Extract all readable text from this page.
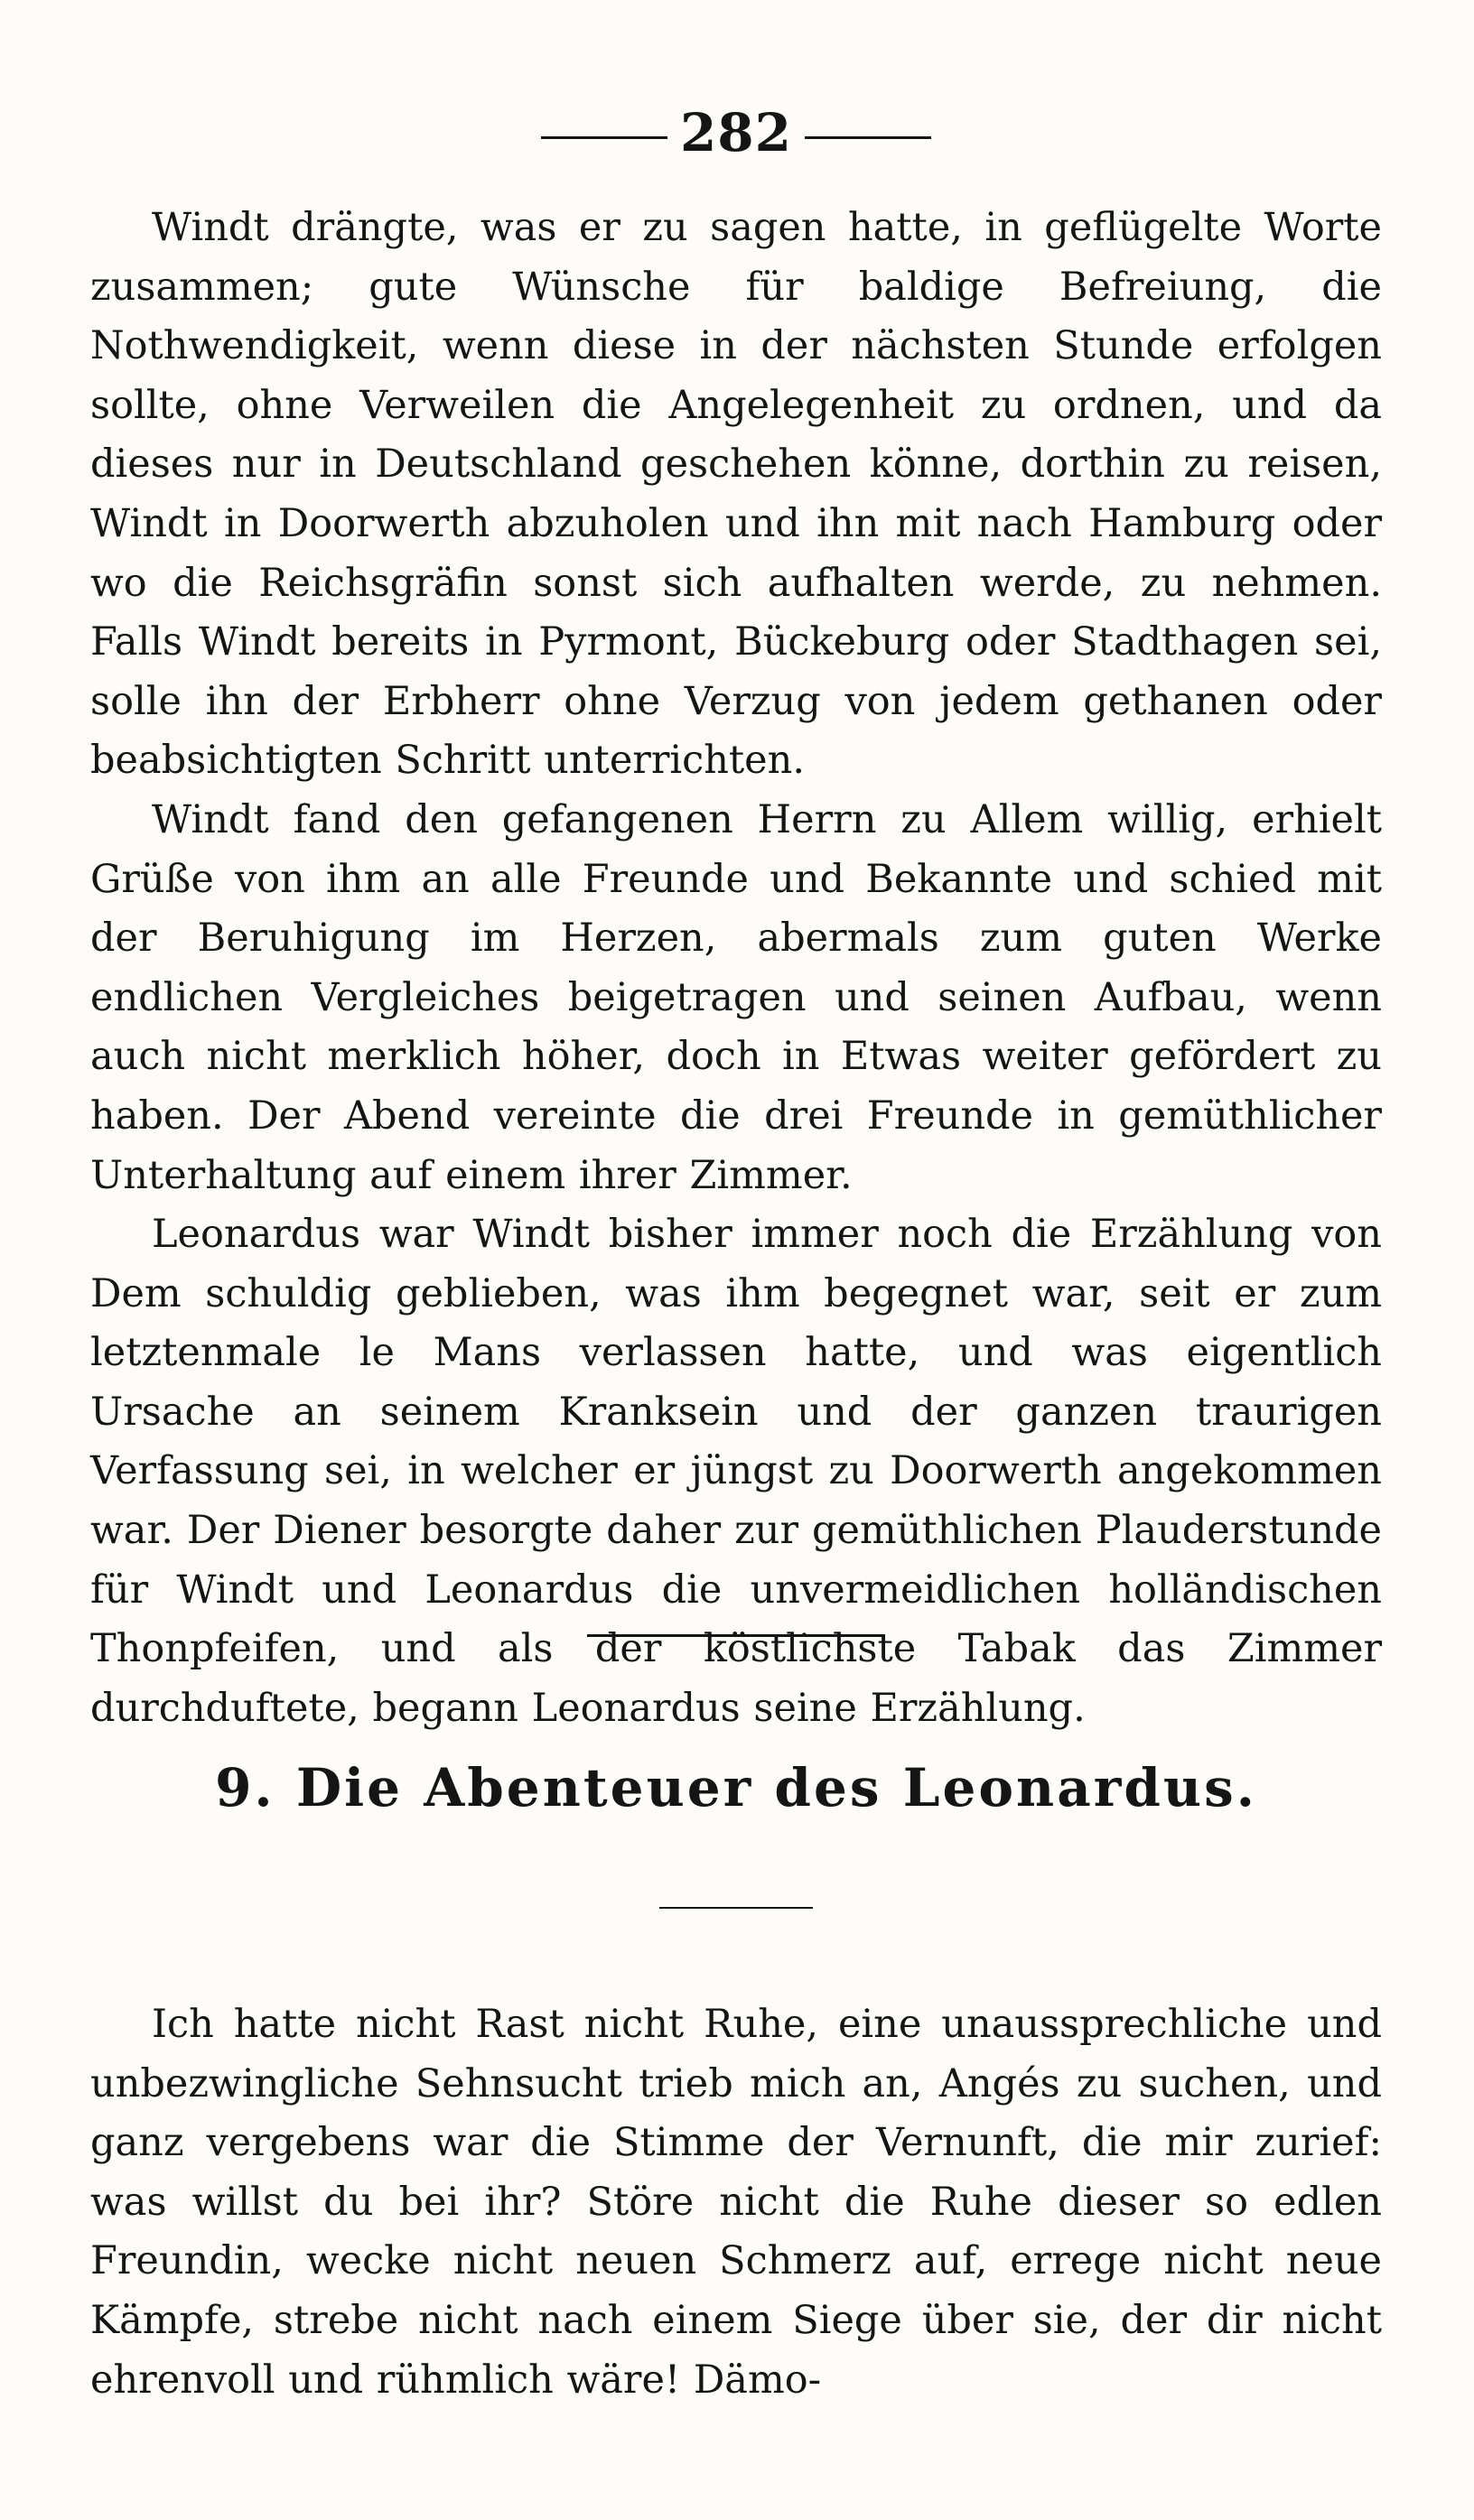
282

Windt drängte, was er zu sagen hatte, in geflügelte Worte zusammen; gute Wünsche für baldige Befreiung, die Nothwendigkeit, wenn diese in der nächsten Stunde erfolgen sollte, ohne Verweilen die Angelegenheit zu ordnen, und da dieses nur in Deutschland geschehen könne, dorthin zu reisen, Windt in Doorwerth abzuholen und ihn mit nach Hamburg oder wo die Reichsgräfin sonst sich aufhalten werde, zu nehmen. Falls Windt bereits in Pyrmont, Bückeburg oder Stadthagen sei, solle ihn der Erbherr ohne Verzug von jedem gethanen oder beabsichtigten Schritt unterrichten.

Windt fand den gefangenen Herrn zu Allem willig, erhielt Grüße von ihm an alle Freunde und Bekannte und schied mit der Beruhigung im Herzen, abermals zum guten Werke endlichen Vergleiches beigetragen und seinen Aufbau, wenn auch nicht merklich höher, doch in Etwas weiter gefördert zu haben. Der Abend vereinte die drei Freunde in gemüthlicher Unterhaltung auf einem ihrer Zimmer.

Leonardus war Windt bisher immer noch die Erzählung von Dem schuldig geblieben, was ihm begegnet war, seit er zum letztenmale le Mans verlassen hatte, und was eigentlich Ursache an seinem Kranksein und der ganzen traurigen Verfassung sei, in welcher er jüngst zu Doorwerth angekommen war. Der Diener besorgte daher zur gemüthlichen Plauderstunde für Windt und Leonardus die unvermeidlichen holländischen Thonpfeifen, und als der köstlichste Tabak das Zimmer durchduftete, begann Leonardus seine Erzählung.

9. Die Abenteuer des Leonardus.

Ich hatte nicht Rast nicht Ruhe, eine unaussprechliche und unbezwingliche Sehnsucht trieb mich an, Angés zu suchen, und ganz vergebens war die Stimme der Vernunft, die mir zurief: was willst du bei ihr? Störe nicht die Ruhe dieser so edlen Freundin, wecke nicht neuen Schmerz auf, errege nicht neue Kämpfe, strebe nicht nach einem Siege über sie, der dir nicht ehrenvoll und rühmlich wäre! Dämo-
